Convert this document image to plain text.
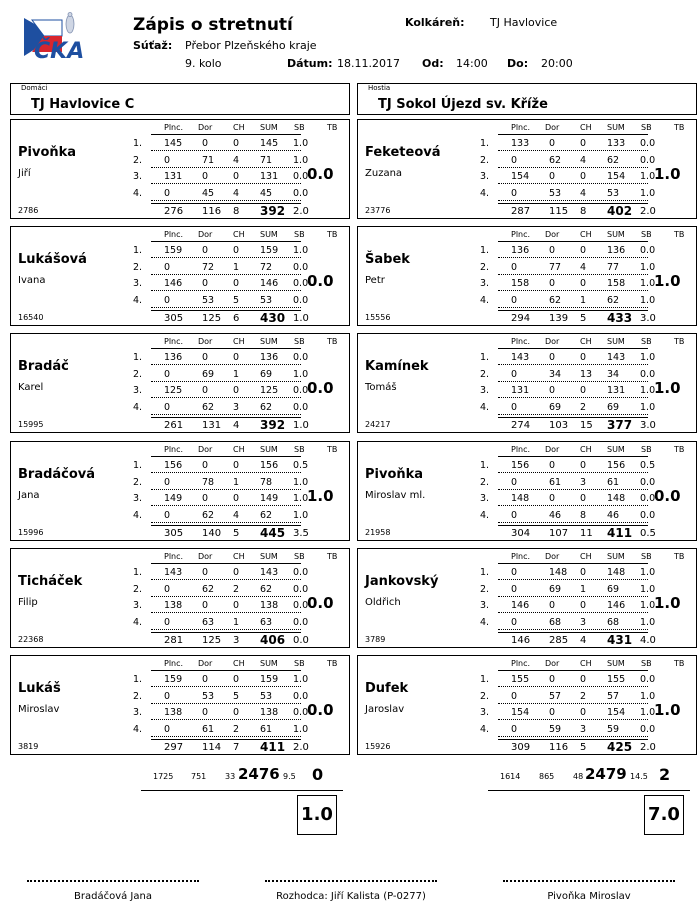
ČKA
Zápis o stretnutí
Súťaž: Přebor Plzeňského kraje
9. kolo	Dátum: 18.11.2017 Od: 14:00 Do: 20:00
Kolkáreň: TJ Havlovice
Domáci
TJ Havlovice C
Hostia
TJ Sokol Újezd sv. Kříže
Plnc. Dor	CH SUM SB	TB
Pivoňka
Jiří
2786
0.0
1. 145 0	0 145 1.0
2. 0	71 4 71 1.0
3. 131 0	0 131 0.0
4. 0	45 4 45 0.0
276 116 8 392 2.0
Plnc. Dor	CH SUM SB	TB
Lukášová
Ivana
16540
0.0
1. 159 0	0 159 1.0
2. 0	72 1 72 0.0
3. 146 0	0 146 0.0
4. 0	53 5 53 0.0
305 125 6 430 1.0
Plnc. Dor	CH SUM SB	TB
Bradáč
Karel
15995
0.0
1. 136 0	0 136 0.0
2. 0	69 1 69 1.0
3. 125 0	0 125 0.0
4. 0	62 3 62 0.0
261 131 4 392 1.0
Plnc. Dor	CH SUM SB	TB
Bradáčová
Jana
15996
1.0
1. 156 0	0 156 0.5
2. 0	78 1 78 1.0
3. 149 0	0 149 1.0
4. 0	62 4 62 1.0
305 140 5 445 3.5
Plnc. Dor	CH SUM SB	TB
Ticháček
Filip
22368
0.0
1. 143 0	0 143 0.0
2. 0	62 2 62 0.0
3. 138 0	0 138 0.0
4. 0	63 1 63 0.0
281 125 3 406 0.0
Plnc. Dor	CH SUM SB	TB
Lukáš
Miroslav
3819
0.0
1. 159 0	0 159 1.0
2. 0	53 5 53 0.0
3. 138 0	0 138 0.0
4. 0	61 2 61 1.0
297 114 7 411 2.0
Plnc. Dor	CH SUM SB	TB
Feketeová
Zuzana
23776
1.0
1. 133 0	0 133 0.0
2. 0	62 4 62 0.0
3. 154 0	0 154 1.0
4. 0	53 4 53 1.0
287 115 8 402 2.0
Plnc. Dor	CH SUM SB	TB
Šabek
Petr
15556
1.0
1. 136 0	0 136 0.0
2. 0	77 4 77 1.0
3. 158 0	0 158 1.0
4. 0	62 1 62 1.0
294 139 5 433 3.0
Plnc. Dor	CH SUM SB	TB
Kamínek
Tomáš
24217
1.0
1. 143 0	0 143 1.0
2. 0	34 13 34 0.0
3. 131 0	0 131 1.0
4. 0	69 2 69 1.0
274 103 15 377 3.0
Plnc. Dor	CH SUM SB	TB
Pivoňka
Miroslav ml.
21958
0.0
1. 156 0	0 156 0.5
2. 0	61 3 61 0.0
3. 148 0	0 148 0.0
4. 0	46 8 46 0.0
304 107 11 411 0.5
Plnc. Dor	CH SUM SB	TB
Jankovský
Oldřich
3789
1.0
1. 0	148 0 148 1.0
2. 0	69 1 69 1.0
3. 146 0	0 146 1.0
4. 0	68 3 68 1.0
146 285 4 431 4.0
Plnc. Dor	CH SUM SB	TB
Dufek
Jaroslav
15926
1.0
1. 155 0	0 155 0.0
2. 0	57 2 57 1.0
3. 154 0	0 154 1.0
4. 0	59 3 59 0.0
309 116 5 425 2.0
1725 751 33 2476 9.5 0
1.0
1614 865 48 2479 14.5 2
7.0
Bradáčová Jana	Rozhodca: Jiří Kalista (P-0277)	Pivoňka Miroslav
